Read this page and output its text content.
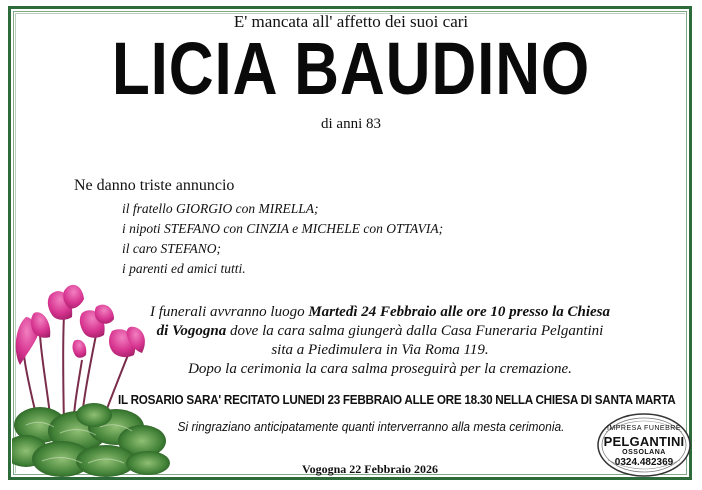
E' mancata all' affetto dei suoi cari
LICIA BAUDINO
di anni 83
Ne danno triste annuncio
il fratello GIORGIO con MIRELLA;
i nipoti STEFANO con CINZIA e MICHELE con OTTAVIA;
il caro STEFANO;
i parenti ed amici tutti.
I funerali avvranno luogo Martedì 24 Febbraio alle ore 10 presso la Chiesa
di Vogogna dove la cara salma giungerà dalla Casa Funeraria Pelgantini
sita a Piedimulera in Via Roma 119.
Dopo la cerimonia la cara salma proseguirà per la cremazione.
IL ROSARIO SARA' RECITATO LUNEDI 23 FEBBRAIO ALLE ORE 18.30 NELLA CHIESA DI SANTA MARTA
Si ringraziano anticipatamente quanti interverranno alla mesta cerimonia.
Vogogna 22 Febbraio 2026
IMPRESA FUNEBRE
PELGANTINI
OSSOLANA
0324.482369
